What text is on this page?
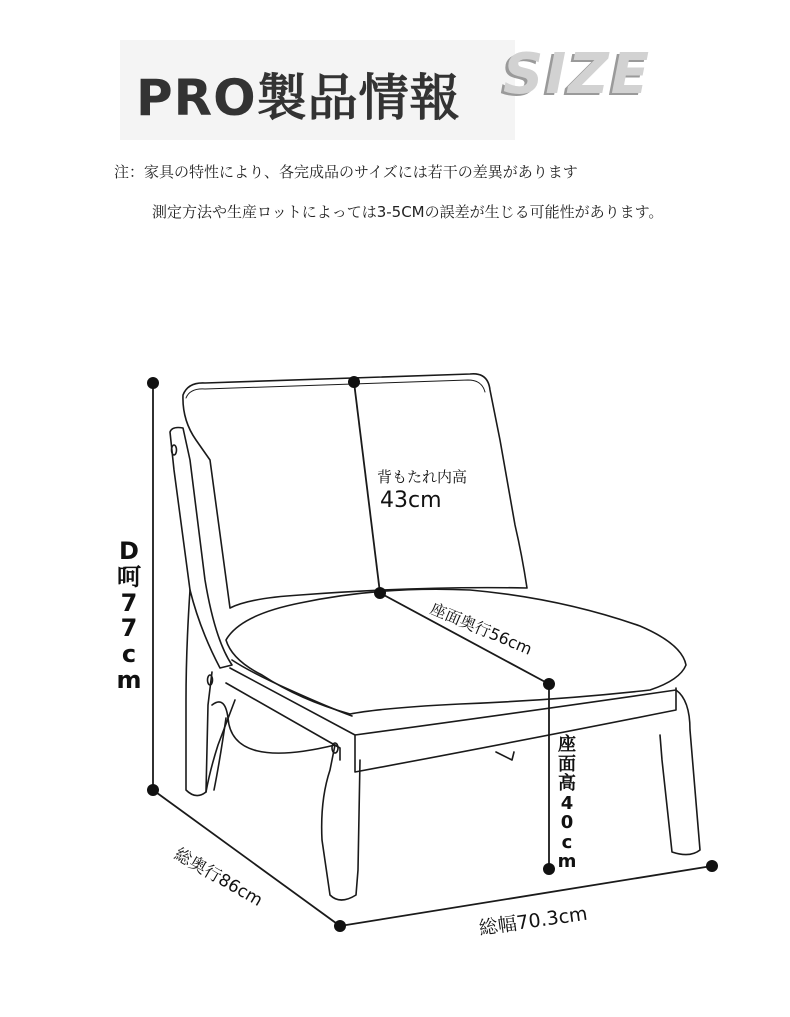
PRO製品情報 SIZE
注：家具の特性により、各完成品のサイズには若干の差異があります
測定方法や生産ロットによっては3-5CMの誤差が生じる可能性があります。
背もたれ内高
43cm
座面奥行56cm
総奥行86cm
総幅70.3cm
D
呵
7
7
c
m
座
面
高
4
0
c
m
